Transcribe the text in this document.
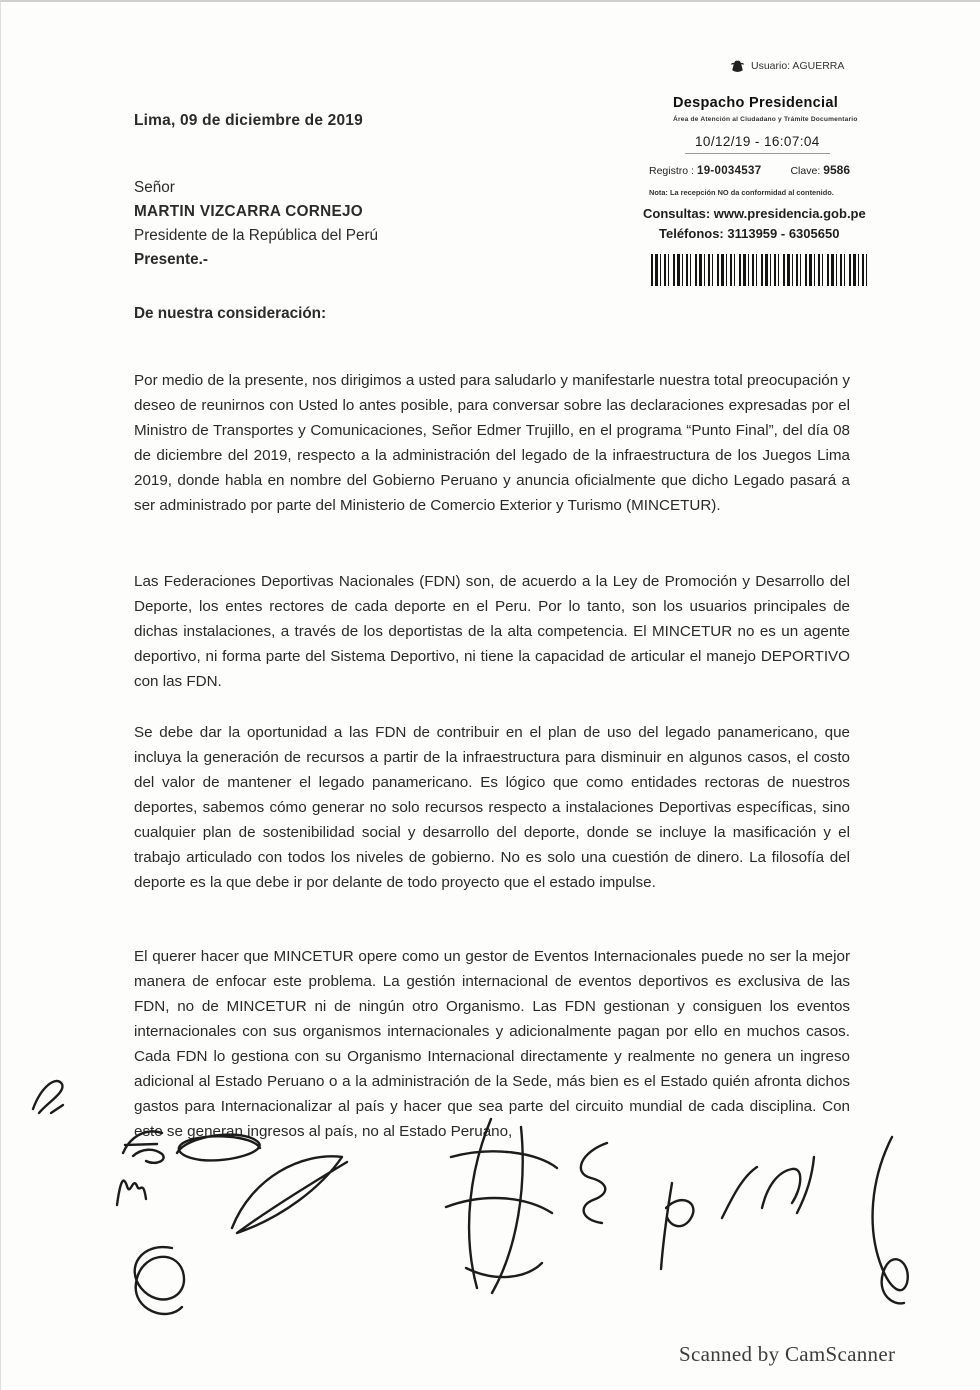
Lima, 09 de diciembre de 2019
Usuario: AGUERRA
Despacho Presidencial
Área de Atención al Ciudadano y Trámite Documentario
10/12/19 - 16:07:04
Registro : 19-0034537	Clave: 9586
Nota: La recepción NO da conformidad al contenido.
Consultas: www.presidencia.gob.pe
Teléfonos: 3113959 - 6305650
Señor
MARTIN VIZCARRA CORNEJO
Presidente de la República del Perú
Presente.-
De nuestra consideración:

Por medio de la presente, nos dirigimos a usted para saludarlo y manifestarle nuestra total preocupación y deseo de reunirnos con Usted lo antes posible, para conversar sobre las declaraciones expresadas por el Ministro de Transportes y Comunicaciones, Señor Edmer Trujillo, en el programa “Punto Final”, del día 08 de diciembre del 2019, respecto a la administración del legado de la infraestructura de los Juegos Lima 2019, donde habla en nombre del Gobierno Peruano y anuncia oficialmente que dicho Legado pasará a ser administrado por parte del Ministerio de Comercio Exterior y Turismo (MINCETUR).

Las Federaciones Deportivas Nacionales (FDN) son, de acuerdo a la Ley de Promoción y Desarrollo del Deporte, los entes rectores de cada deporte en el Peru. Por lo tanto, son los usuarios principales de dichas instalaciones, a través de los deportistas de la alta competencia. El MINCETUR no es un agente deportivo, ni forma parte del Sistema Deportivo, ni tiene la capacidad de articular el manejo DEPORTIVO con las FDN.

Se debe dar la oportunidad a las FDN de contribuir en el plan de uso del legado panamericano, que incluya la generación de recursos a partir de la infraestructura para disminuir en algunos casos, el costo del valor de mantener el legado panamericano. Es lógico que como entidades rectoras de nuestros deportes, sabemos cómo generar no solo recursos respecto a instalaciones Deportivas específicas, sino cualquier plan de sostenibilidad social y desarrollo del deporte, donde se incluye la masificación y el trabajo articulado con todos los niveles de gobierno. No es solo una cuestión de dinero. La filosofía del deporte es la que debe ir por delante de todo proyecto que el estado impulse.

El querer hacer que MINCETUR opere como un gestor de Eventos Internacionales puede no ser la mejor manera de enfocar este problema. La gestión internacional de eventos deportivos es exclusiva de las FDN, no de MINCETUR ni de ningún otro Organismo. Las FDN gestionan y consiguen los eventos internacionales con sus organismos internacionales y adicionalmente pagan por ello en muchos casos. Cada FDN lo gestiona con su Organismo Internacional directamente y realmente no genera un ingreso adicional al Estado Peruano o a la administración de la Sede, más bien es el Estado quién afronta dichos gastos para Internacionalizar al país y hacer que sea parte del circuito mundial de cada disciplina. Con esto se generan ingresos al país, no al Estado Peruano,

Scanned by CamScanner
